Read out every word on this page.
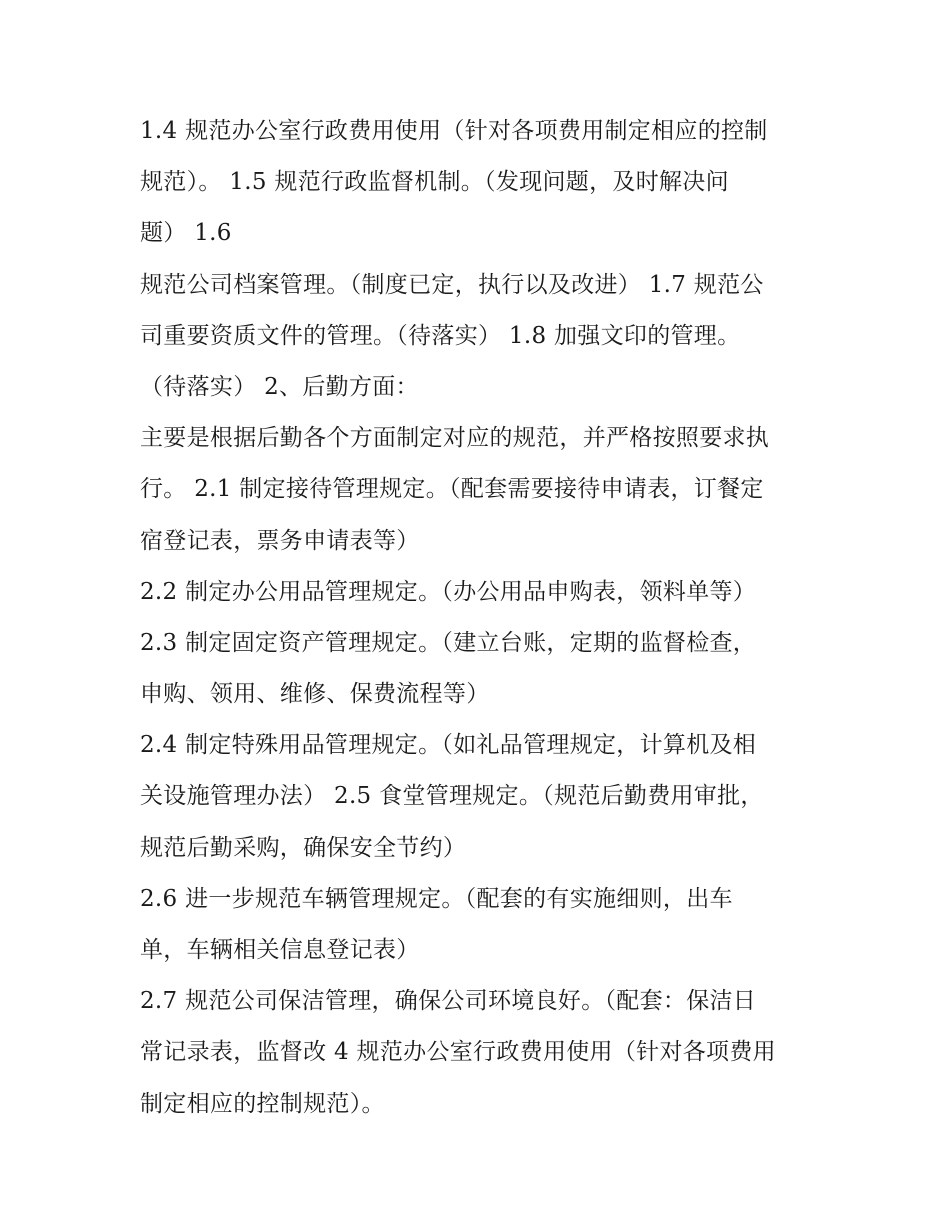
1.4 规范办公室行政费用使用（针对各项费用制定相应的控制
规范）。 1.5 规范行政监督机制。（发现问题，及时解决问
题） 1.6
规范公司档案管理。（制度已定，执行以及改进） 1.7 规范公
司重要资质文件的管理。（待落实） 1.8 加强文印的管理。
（待落实） 2、后勤方面：
主要是根据后勤各个方面制定对应的规范，并严格按照要求执
行。 2.1 制定接待管理规定。（配套需要接待申请表，订餐定
宿登记表，票务申请表等）
2.2 制定办公用品管理规定。（办公用品申购表，领料单等）
2.3 制定固定资产管理规定。（建立台账，定期的监督检查，
申购、领用、维修、保费流程等）
2.4 制定特殊用品管理规定。（如礼品管理规定，计算机及相
关设施管理办法） 2.5 食堂管理规定。（规范后勤费用审批，
规范后勤采购，确保安全节约）
2.6 进一步规范车辆管理规定。（配套的有实施细则，出车
单，车辆相关信息登记表）
2.7 规范公司保洁管理，确保公司环境良好。（配套：保洁日
常记录表，监督改 4 规范办公室行政费用使用（针对各项费用
制定相应的控制规范）。
